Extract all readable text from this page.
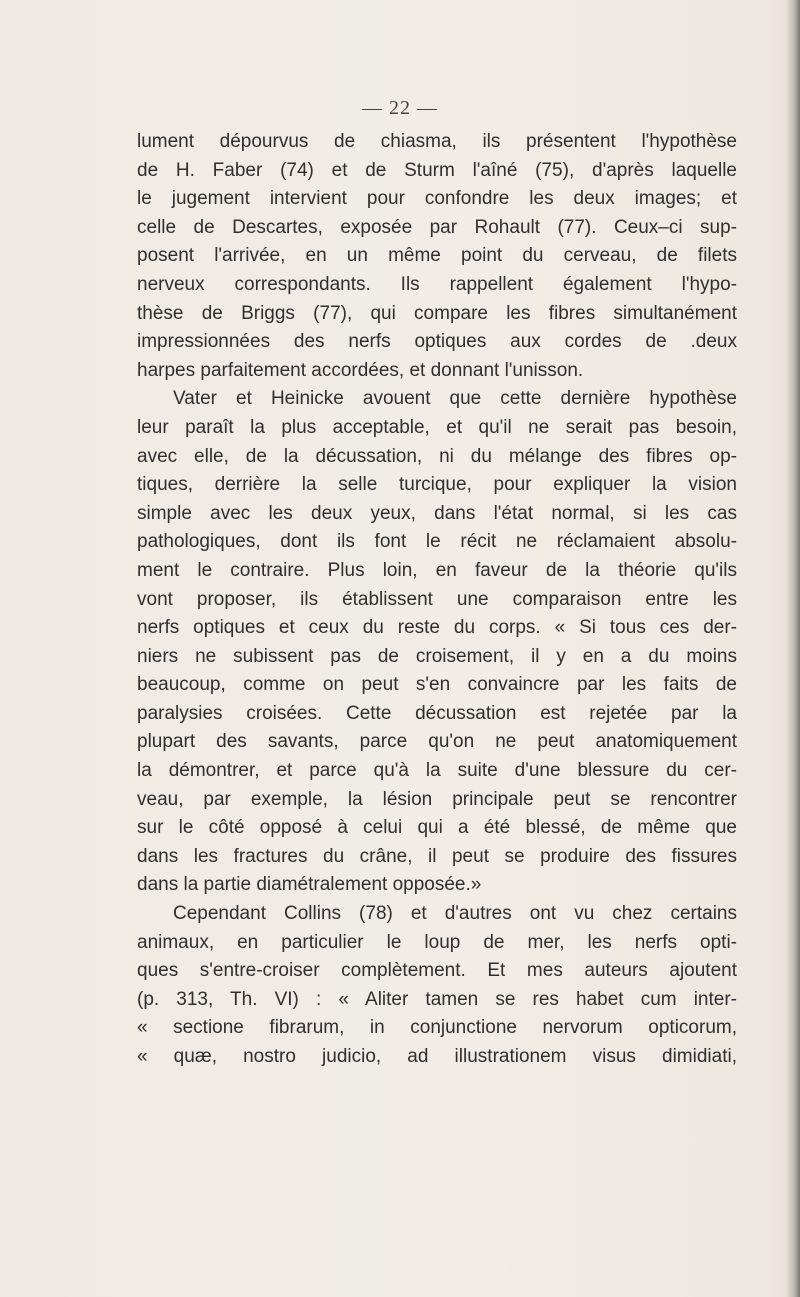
— 22 —
lument dépourvus de chiasma, ils présentent l'hypothèse
de H. Faber (74) et de Sturm l'aîné (75), d'après laquelle
le jugement intervient pour confondre les deux images; et
celle de Descartes, exposée par Rohault (77). Ceux–ci sup-
posent l'arrivée, en un même point du cerveau, de filets
nerveux correspondants. Ils rappellent également l'hypo-
thèse de Briggs (77), qui compare les fibres simultanément
impressionnées des nerfs optiques aux cordes de .deux
harpes parfaitement accordées, et donnant l'unisson.
Vater et Heinicke avouent que cette dernière hypothèse
leur paraît la plus acceptable, et qu'il ne serait pas besoin,
avec elle, de la décussation, ni du mélange des fibres op-
tiques, derrière la selle turcique, pour expliquer la vision
simple avec les deux yeux, dans l'état normal, si les cas
pathologiques, dont ils font le récit ne réclamaient absolu-
ment le contraire. Plus loin, en faveur de la théorie qu'ils
vont proposer, ils établissent une comparaison entre les
nerfs optiques et ceux du reste du corps. « Si tous ces der-
niers ne subissent pas de croisement, il y en a du moins
beaucoup, comme on peut s'en convaincre par les faits de
paralysies croisées. Cette décussation est rejetée par la
plupart des savants, parce qu'on ne peut anatomiquement
la démontrer, et parce qu'à la suite d'une blessure du cer-
veau, par exemple, la lésion principale peut se rencontrer
sur le côté opposé à celui qui a été blessé, de même que
dans les fractures du crâne, il peut se produire des fissures
dans la partie diamétralement opposée.»
Cependant Collins (78) et d'autres ont vu chez certains
animaux, en particulier le loup de mer, les nerfs opti-
ques s'entre-croiser complètement. Et mes auteurs ajoutent
(p. 313, Th. VI) : « Aliter tamen se res habet cum inter-
« sectione fibrarum, in conjunctione nervorum opticorum,
« quæ, nostro judicio, ad illustrationem visus dimidiati,
